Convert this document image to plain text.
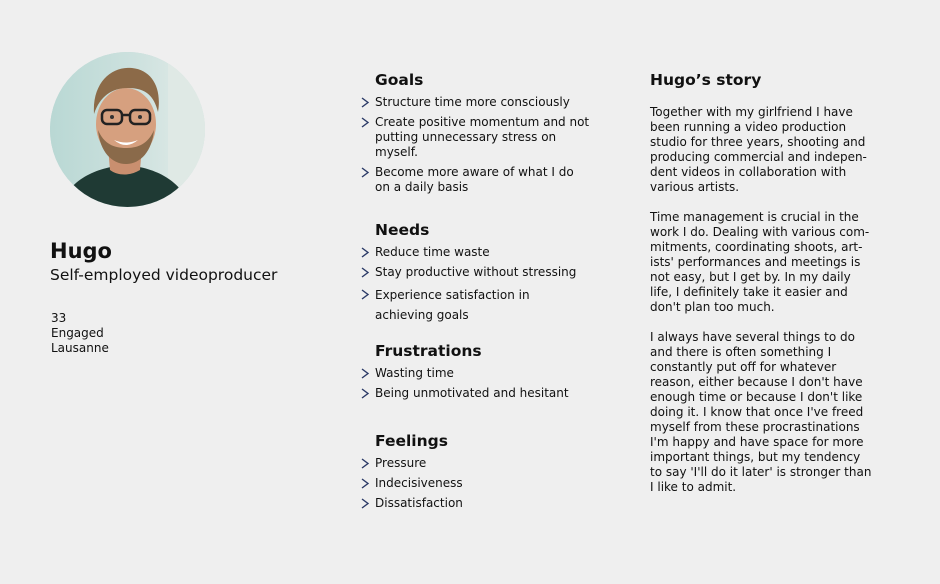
Hugo
Self-employed videoproducer
33
Engaged
Lausanne
Goals
Structure time more consciously
Create positive momentum and not putting unnecessary stress on myself.
Become more aware of what I do on a daily basis
Needs
Reduce time waste
Stay productive without stressing
Experience satisfaction in achieving goals
Frustrations
Wasting time
Being unmotivated and hesitant
Feelings
Pressure
Indecisiveness
Dissatisfaction
Hugo’s story

Together with my girlfriend I have been running a video production studio for three years, shooting and producing commercial and indepen-dent videos in collaboration with various artists.

Time management is crucial in the work I do. Dealing with various com-mitments, coordinating shoots, art-ists' performances and meetings is not easy, but I get by. In my daily life, I definitely take it easier and don't plan too much.

I always have several things to do and there is often something I constantly put off for whatever reason, either because I don't have enough time or because I don't like doing it. I know that once I've freed myself from these procrastinations I'm happy and have space for more important things, but my tendency to say 'I'll do it later' is stronger than I like to admit.
